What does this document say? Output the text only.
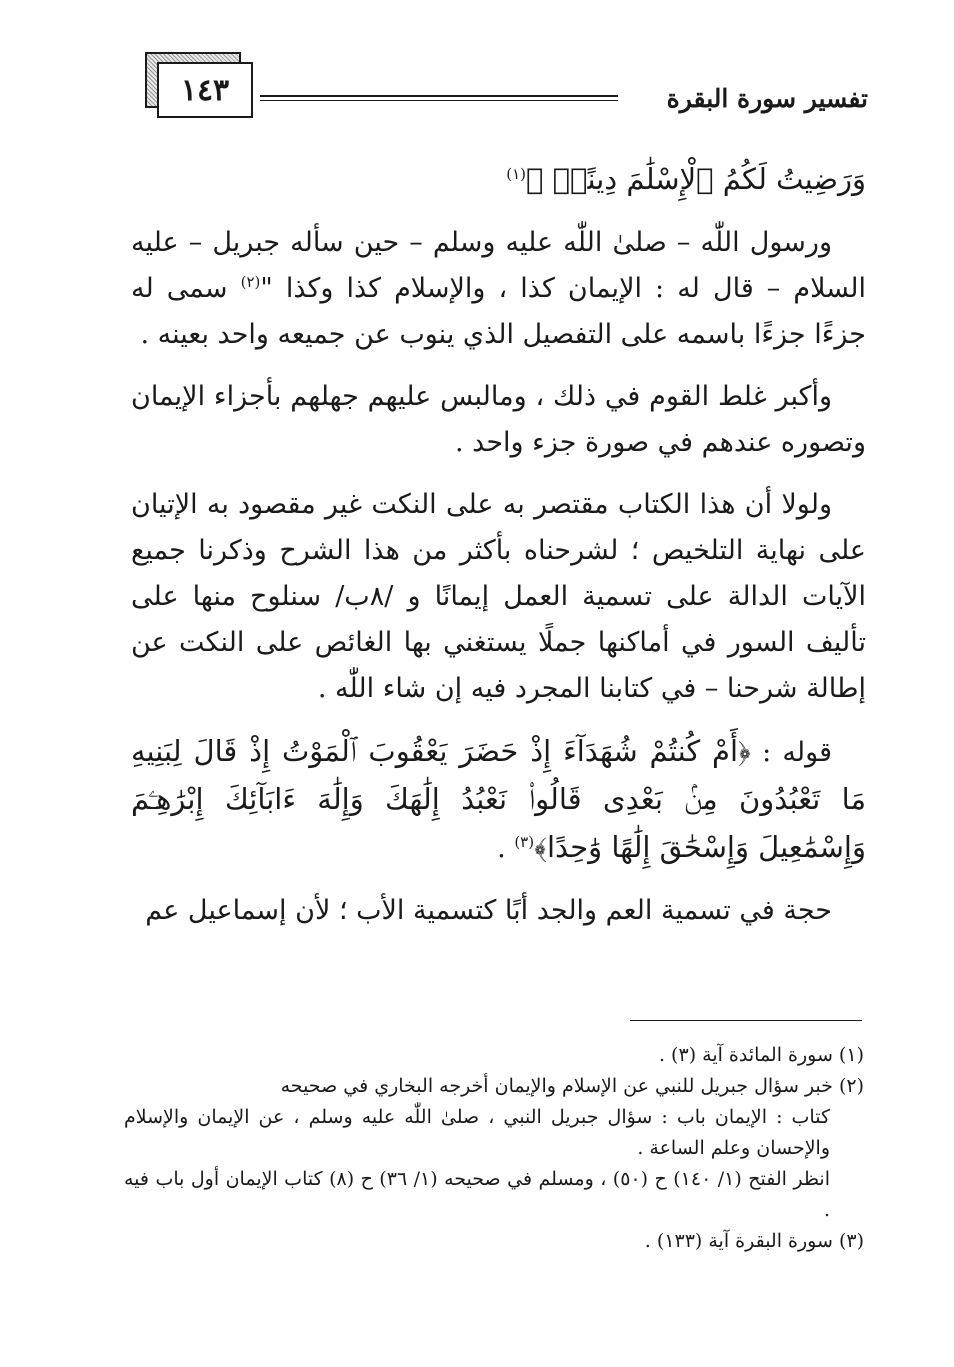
١٤٣	تفسير سورة البقرة

وَرَضِيتُ لَكُمُ ٱلْإِسْلَٰمَ دِينًاۚ ﴾$^{(١)}$

ورسول اللّٰه – صلىٰ اللّٰه عليه وسلم – حين سأله جبريل – عليه السلام – قال له : الإيمان كذا ، والإسلام كذا وكذا "$^{(٢)}$ سمى له جزءًا جزءًا باسمه على التفصيل الذي ينوب عن جميعه واحد بعينه .

وأكبر غلط القوم في ذلك ، ومالبس عليهم جهلهم بأجزاء الإيمان وتصوره عندهم في صورة جزء واحد .

ولولا أن هذا الكتاب مقتصر به على النكت غير مقصود به الإتيان على نهاية التلخيص ؛ لشرحناه بأكثر من هذا الشرح وذكرنا جميع الآيات الدالة على تسمية العمل إيمانًا و /٨ب/ سنلوح منها على تأليف السور في أماكنها جملًا يستغني بها الغائص على النكت عن إطالة شرحنا – في كتابنا المجرد فيه إن شاء اللّٰه .

قوله : ﴿أَمْ كُنتُمْ شُهَدَآءَ إِذْ حَضَرَ يَعْقُوبَ ٱلْمَوْتُ إِذْ قَالَ لِبَنِيهِ مَا تَعْبُدُونَ مِنۢ بَعْدِى قَالُوا۟ نَعْبُدُ إِلَٰهَكَ وَإِلَٰهَ ءَابَآئِكَ إِبْرَٰهِـۧمَ وَإِسْمَٰعِيلَ وَإِسْحَٰقَ إِلَٰهًا وَٰحِدًا﴾$^{(٣)}$ .

حجة في تسمية العم والجد أبًا كتسمية الأب ؛ لأن إسماعيل عم

(١) سورة المائدة آية (٣) .

(٢) خبر سؤال جبريل للنبي عن الإسلام والإيمان أخرجه البخاري في صحيحه
كتاب : الإيمان باب : سؤال جبريل النبي ، صلىٰ اللّٰه عليه وسلم ، عن الإيمان والإسلام والإحسان وعلم الساعة .
انظر الفتح (١/ ١٤٠) ح (٥٠) ، ومسلم في صحيحه (١/ ٣٦) ح (٨) كتاب الإيمان أول باب فيه .

(٣) سورة البقرة آية (١٣٣) .
